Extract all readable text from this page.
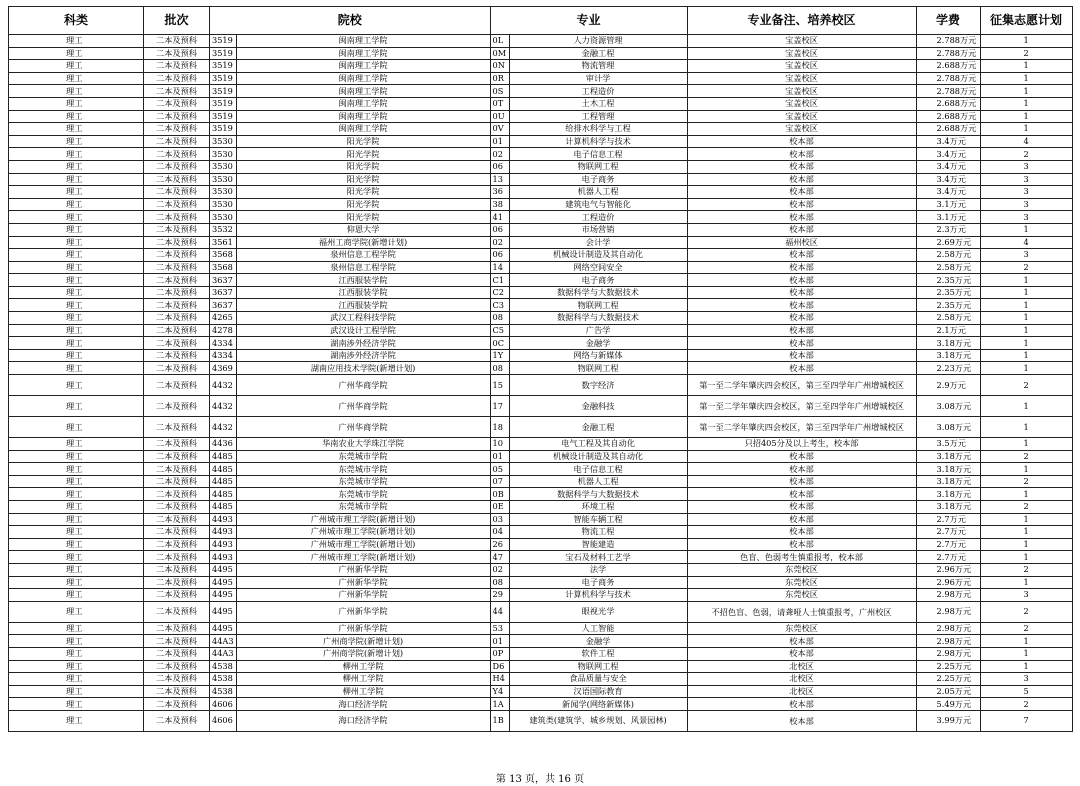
科类	批次	院校		专业		专业备注、培养校区	学费	征集志愿计划
理工	二本及预科	3519	闽南理工学院	0L	人力资源管理	宝盖校区	2.788万元	1
理工	二本及预科	3519	闽南理工学院	0M	金融工程	宝盖校区	2.788万元	2
理工	二本及预科	3519	闽南理工学院	0N	物流管理	宝盖校区	2.688万元	1
理工	二本及预科	3519	闽南理工学院	0R	审计学	宝盖校区	2.788万元	1
理工	二本及预科	3519	闽南理工学院	0S	工程造价	宝盖校区	2.788万元	1
理工	二本及预科	3519	闽南理工学院	0T	土木工程	宝盖校区	2.688万元	1
理工	二本及预科	3519	闽南理工学院	0U	工程管理	宝盖校区	2.688万元	1
理工	二本及预科	3519	闽南理工学院	0V	给排水科学与工程	宝盖校区	2.688万元	1
理工	二本及预科	3530	阳光学院	01	计算机科学与技术	校本部	3.4万元	4
理工	二本及预科	3530	阳光学院	02	电子信息工程	校本部	3.4万元	2
理工	二本及预科	3530	阳光学院	06	物联网工程	校本部	3.4万元	3
理工	二本及预科	3530	阳光学院	13	电子商务	校本部	3.4万元	3
理工	二本及预科	3530	阳光学院	36	机器人工程	校本部	3.4万元	3
理工	二本及预科	3530	阳光学院	38	建筑电气与智能化	校本部	3.1万元	3
理工	二本及预科	3530	阳光学院	41	工程造价	校本部	3.1万元	3
理工	二本及预科	3532	仰恩大学	06	市场营销	校本部	2.3万元	1
理工	二本及预科	3561	福州工商学院(新增计划)	02	会计学	福州校区	2.69万元	4
理工	二本及预科	3568	泉州信息工程学院	06	机械设计制造及其自动化	校本部	2.58万元	3
理工	二本及预科	3568	泉州信息工程学院	14	网络空间安全	校本部	2.58万元	2
理工	二本及预科	3637	江西服装学院	C1	电子商务	校本部	2.35万元	1
理工	二本及预科	3637	江西服装学院	C2	数据科学与大数据技术	校本部	2.35万元	1
理工	二本及预科	3637	江西服装学院	C3	物联网工程	校本部	2.35万元	1
理工	二本及预科	4265	武汉工程科技学院	08	数据科学与大数据技术	校本部	2.58万元	1
理工	二本及预科	4278	武汉设计工程学院	C5	广告学	校本部	2.1万元	1
理工	二本及预科	4334	湖南涉外经济学院	0C	金融学	校本部	3.18万元	1
理工	二本及预科	4334	湖南涉外经济学院	1Y	网络与新媒体	校本部	3.18万元	1
理工	二本及预科	4369	湖南应用技术学院(新增计划)	08	物联网工程	校本部	2.23万元	1
理工	二本及预科	4432	广州华商学院	15	数字经济	第一至二学年肇庆四会校区，第三至四学年广州增城校区	2.9万元	2
理工	二本及预科	4432	广州华商学院	17	金融科技	第一至二学年肇庆四会校区，第三至四学年广州增城校区	3.08万元	1
理工	二本及预科	4432	广州华商学院	18	金融工程	第一至二学年肇庆四会校区，第三至四学年广州增城校区	3.08万元	1
理工	二本及预科	4436	华南农业大学珠江学院	10	电气工程及其自动化	只招405分及以上考生，校本部	3.5万元	1
理工	二本及预科	4485	东莞城市学院	01	机械设计制造及其自动化	校本部	3.18万元	2
理工	二本及预科	4485	东莞城市学院	05	电子信息工程	校本部	3.18万元	1
理工	二本及预科	4485	东莞城市学院	07	机器人工程	校本部	3.18万元	2
理工	二本及预科	4485	东莞城市学院	0B	数据科学与大数据技术	校本部	3.18万元	1
理工	二本及预科	4485	东莞城市学院	0E	环境工程	校本部	3.18万元	2
理工	二本及预科	4493	广州城市理工学院(新增计划)	03	智能车辆工程	校本部	2.7万元	1
理工	二本及预科	4493	广州城市理工学院(新增计划)	04	物流工程	校本部	2.7万元	1
理工	二本及预科	4493	广州城市理工学院(新增计划)	26	智能建造	校本部	2.7万元	1
理工	二本及预科	4493	广州城市理工学院(新增计划)	47	宝石及材料工艺学	色盲、色弱考生慎重报考，校本部	2.7万元	1
理工	二本及预科	4495	广州新华学院	02	法学	东莞校区	2.96万元	2
理工	二本及预科	4495	广州新华学院	08	电子商务	东莞校区	2.96万元	1
理工	二本及预科	4495	广州新华学院	29	计算机科学与技术	东莞校区	2.98万元	3
理工	二本及预科	4495	广州新华学院	44	眼视光学	不招色盲、色弱，请聋哑人士慎重报考，广州校区	2.98万元	2
理工	二本及预科	4495	广州新华学院	53	人工智能	东莞校区	2.98万元	2
理工	二本及预科	44A3	广州商学院(新增计划)	01	金融学	校本部	2.98万元	1
理工	二本及预科	44A3	广州商学院(新增计划)	0P	软件工程	校本部	2.98万元	1
理工	二本及预科	4538	柳州工学院	D6	物联网工程	北校区	2.25万元	1
理工	二本及预科	4538	柳州工学院	H4	食品质量与安全	北校区	2.25万元	3
理工	二本及预科	4538	柳州工学院	Y4	汉语国际教育	北校区	2.05万元	5
理工	二本及预科	4606	海口经济学院	1A	新闻学(网络新媒体)	校本部	5.49万元	2
理工	二本及预科	4606	海口经济学院	1B	建筑类(建筑学、城乡规划、风景园林)	校本部	3.99万元	7
第 13 页，共 16 页
